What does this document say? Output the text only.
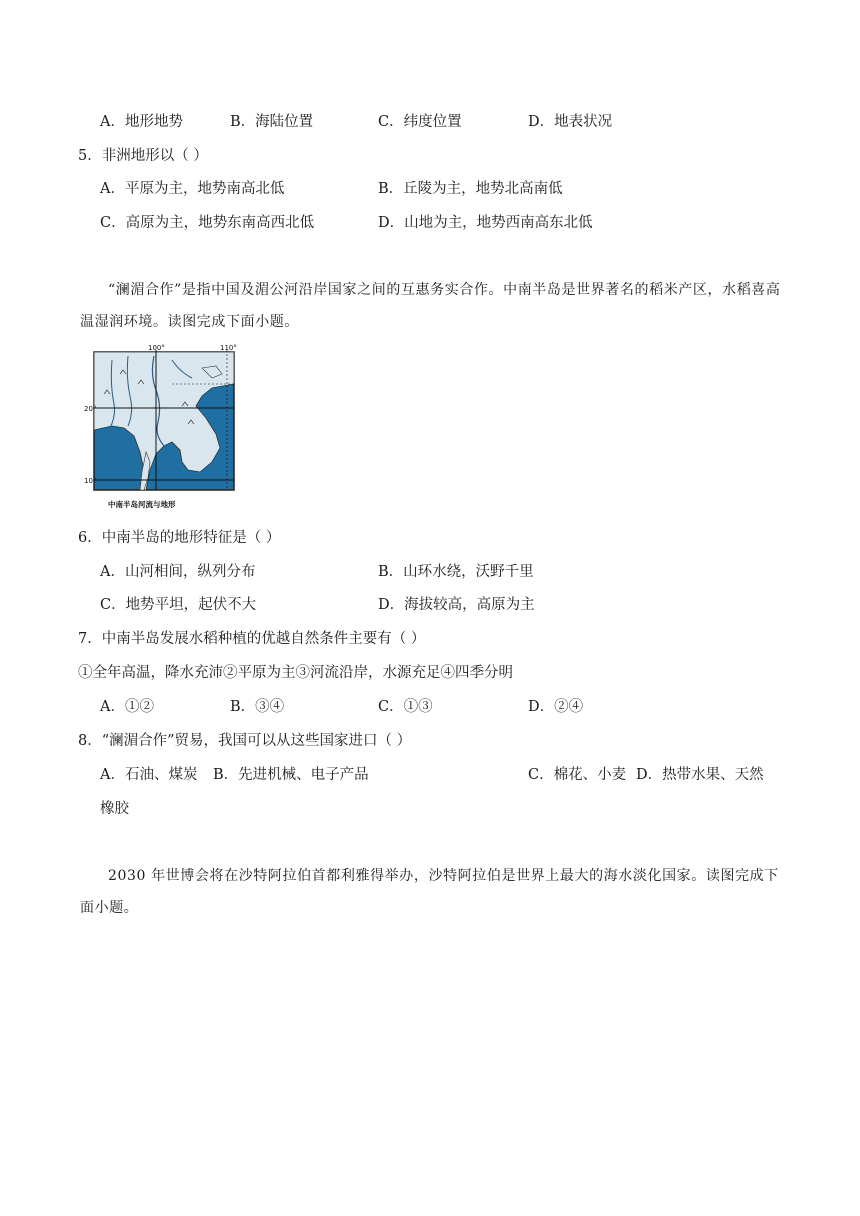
A．地形地势	B．海陆位置	C．纬度位置	D．地表状况
5．非洲地形以（ ）
A．平原为主，地势南高北低	B．丘陵为主，地势北高南低
C．高原为主，地势东南高西北低	D．山地为主，地势西南高东北低
“澜湄合作”是指中国及湄公河沿岸国家之间的互惠务实合作。中南半岛是世界著名的稻米产区，水稻喜高温湿润环境。读图完成下面小题。
100°	110°
20°
10°
中南半岛河流与地形
6．中南半岛的地形特征是（ ）
A．山河相间，纵列分布	B．山环水绕，沃野千里
C．地势平坦，起伏不大	D．海拔较高，高原为主
7．中南半岛发展水稻种植的优越自然条件主要有（ ）
①全年高温，降水充沛②平原为主③河流沿岸，水源充足④四季分明
A．①②	B．③④	C．①③	D．②④
8．“澜湄合作”贸易，我国可以从这些国家进口（ ）
A．石油、煤炭 B．先进机械、电子产品	C．棉花、小麦 D．热带水果、天然
橡胶
2030 年世博会将在沙特阿拉伯首都利雅得举办，沙特阿拉伯是世界上最大的海水淡化国家。读图完成下面小题。
